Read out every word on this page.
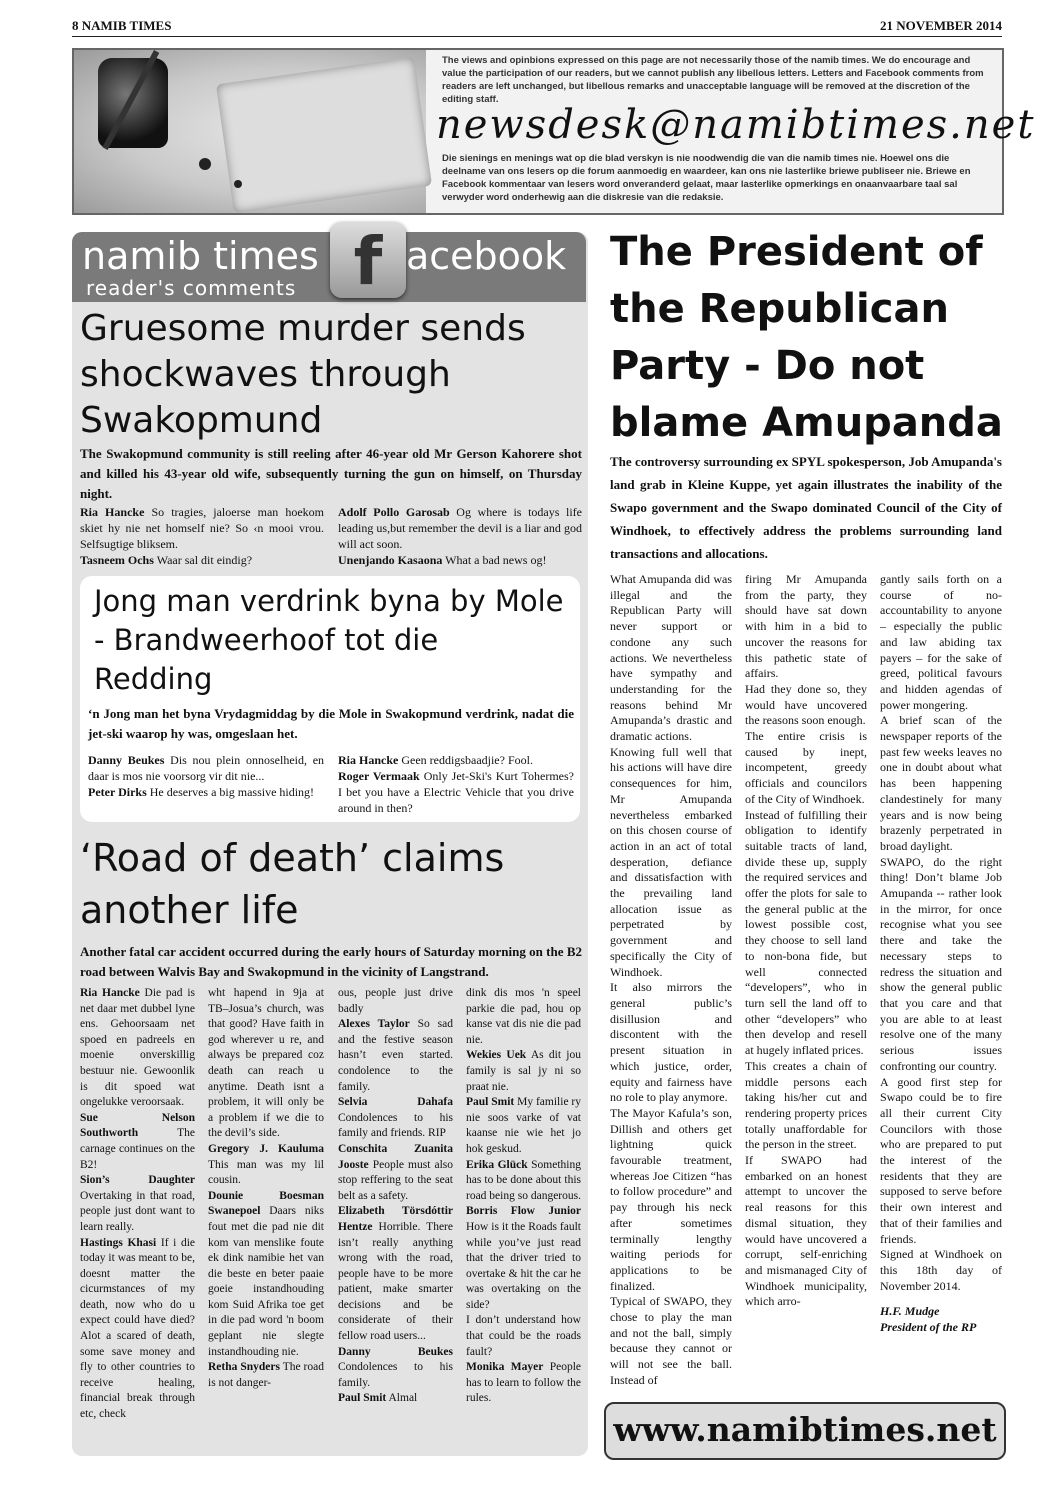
8 NAMIB TIMES	21 NOVEMBER 2014
The views and opinbions expressed on this page are not necessarily those of the namib times. We do encourage and value the participation of our readers, but we cannot publish any libellous letters. Letters and Facebook comments from readers are left unchanged, but libellous remarks and unacceptable language will be removed at the discretion of the editing staff.
newsdesk@namibtimes.net
Die sienings en menings wat op die blad verskyn is nie noodwendig die van die namib times nie. Hoewel ons die deelname van ons lesers op die forum aanmoedig en waardeer, kan ons nie lasterlike briewe publiseer nie. Briewe en Facebook kommentaar van lesers word onveranderd gelaat, maar lasterlike opmerkings en onaanvaarbare taal sal verwyder word onderhewig aan die diskresie van die redaksie.
namib times acebook
reader's comments f
Gruesome murder sends shockwaves through Swakopmund
The Swakopmund community is still reeling after 46-year old Mr Gerson Kahorere shot and killed his 43-year old wife, subsequently turning the gun on himself, on Thursday night.

Ria Hancke So tragies, jaloerse man hoekom skiet hy nie net homself nie? So ‹n mooi vrou. Selfsugtige bliksem.

Tasneem Ochs Waar sal dit eindig?

Adolf Pollo Garosab Og where is todays life leading us,but remember the devil is a liar and god will act soon.

Unenjando Kasaona What a bad news og!

Jong man verdrink byna by Mole - Brandweerhoof tot die Redding
‘n Jong man het byna Vrydagmiddag by die Mole in Swakopmund verdrink, nadat die jet-ski waarop hy was, omgeslaan het.

Danny Beukes Dis nou plein onnoselheid, en daar is mos nie voorsorg vir dit nie...

Peter Dirks He deserves a big massive hiding!

Ria Hancke Geen reddigsbaadjie? Fool.

Roger Vermaak Only Jet-Ski's Kurt Tohermes? I bet you have a Electric Vehicle that you drive around in then?

‘Road of death’ claims another life
Another fatal car accident occurred during the early hours of Saturday morning on the B2 road between Walvis Bay and Swakopmund in the vicinity of Langstrand.

Ria Hancke Die pad is net daar met dubbel lyne ens. Gehoorsaam net spoed en padreels en moenie onverskillig bestuur nie. Gewoonlik is dit spoed wat ongelukke veroorsaak.

Sue Nelson Southworth	The carnage continues on the B2!

Sion’s Daughter Overtaking in that road, people just dont want to learn really.

Hastings Khasi If i die today it was meant to be, doesnt matter the cicurmstances of my death, now who do u expect could have died? Alot a scared of death, some save money and fly to other countries to receive healing, financial break through etc, check

wht hapend in 9ja at TB–Josua’s church, was that good? Have faith in god wherever u re, and always be prepared coz death can reach u anytime. Death isnt a problem, it will only be a problem if we die to the devil’s side.

Gregory J. Kauluma This man was my lil cousin.

Dounie Boesman Swanepoel Daars niks fout met die pad nie dit kom van menslike foute ek dink namibie het van die beste en beter paaie goeie instandhouding kom Suid Afrika toe get in die pad word 'n boom geplant nie slegte instandhouding nie.

Retha Snyders The road is not danger-

ous, people just drive badly

Alexes Taylor So sad and the festive season hasn’t even started. condolence to the family.

Selvia Dahafa Condolences to his family and friends. RIP

Conschita Zuanita Jooste People must also stop reffering to the seat belt as a safety.

Elizabeth Törsdóttir Hentze Horrible. There isn’t really anything wrong with the road, people have to be more patient, make smarter decisions and be considerate of their fellow road users...

Danny Beukes Condolences to his family.

Paul Smit Almal

dink dis mos 'n speel parkie die pad, hou op kanse vat dis nie die pad nie.

Wekies Uek As dit jou family is sal jy ni so praat nie.

Paul Smit My familie ry nie soos varke of vat kaanse nie wie het jo hok geskud.

Erika Glück Something has to be done about this road being so dangerous.

Borris Flow Junior How is it the Roads fault while you’ve just read that the driver tried to overtake & hit the car he was overtaking on the side?

I don’t understand how that could be the roads fault?

Monika Mayer People has to learn to follow the rules.

The President of the Republican Party - Do not blame Amupanda
The controversy surrounding ex SPYL spokesperson, Job Amupanda's land grab in Kleine Kuppe, yet again illustrates the inability of the Swapo government and the Swapo dominated Council of the City of Windhoek, to effectively address the problems surrounding land transactions and allocations.

What Amupanda did was illegal and the Republican Party will never support or condone any such actions. We nevertheless have sympathy and understanding for the reasons behind Mr Amupanda’s drastic and dramatic actions.

Knowing full well that his actions will have dire consequences for him, Mr Amupanda nevertheless embarked on this chosen course of action in an act of total desperation, defiance and dissatisfaction with the prevailing land allocation issue as perpetrated by government and specifically the City of Windhoek.

It also mirrors the general public’s disillusion and discontent with the present situation in which justice, order, equity and fairness have no role to play anymore.

The Mayor Kafula’s son, Dillish and others get lightning quick favourable treatment, whereas Joe Citizen “has to follow procedure” and pay through his neck after sometimes terminally lengthy waiting periods for applications to be finalized.

Typical of SWAPO, they chose to play the man and not the ball, simply because they cannot or will not see the ball. Instead of

firing Mr Amupanda from the party, they should have sat down with him in a bid to uncover the reasons for this pathetic state of affairs.

Had they done so, they would have uncovered the reasons soon enough.

The entire crisis is caused by inept, incompetent, greedy officials and councilors of the City of Windhoek.

Instead of fulfilling their obligation to identify suitable tracts of land, divide these up, supply the required services and offer the plots for sale to the general public at the lowest possible cost, they choose to sell land to non-bona fide, but well connected “developers”, who in turn sell the land off to other “developers” who then develop and resell at hugely inflated prices.

This creates a chain of middle persons each taking his/her cut and rendering property prices totally unaffordable for the person in the street.

If SWAPO had embarked on an honest attempt to uncover the real reasons for this dismal situation, they would have uncovered a corrupt, self-enriching and mismanaged City of Windhoek municipality, which arro-

gantly sails forth on a course of no-accountability to anyone – especially the public and law abiding tax payers – for the sake of greed, political favours and hidden agendas of power mongering.

A brief scan of the newspaper reports of the past few weeks leaves no one in doubt about what has been happening clandestinely for many years and is now being brazenly perpetrated in broad daylight.

SWAPO, do the right thing! Don’t blame Job Amupanda -- rather look in the mirror, for once recognise what you see there and take the necessary steps to redress the situation and show the general public that you care and that you are able to at least resolve one of the many serious issues confronting our country.

A good first step for Swapo could be to fire all their current City Councilors with those who are prepared to put the interest of the residents that they are supposed to serve before their own interest and that of their families and friends.

Signed at Windhoek on this 18th day of November 2014.

H.F. Mudge

President of the RP

www.namibtimes.net
